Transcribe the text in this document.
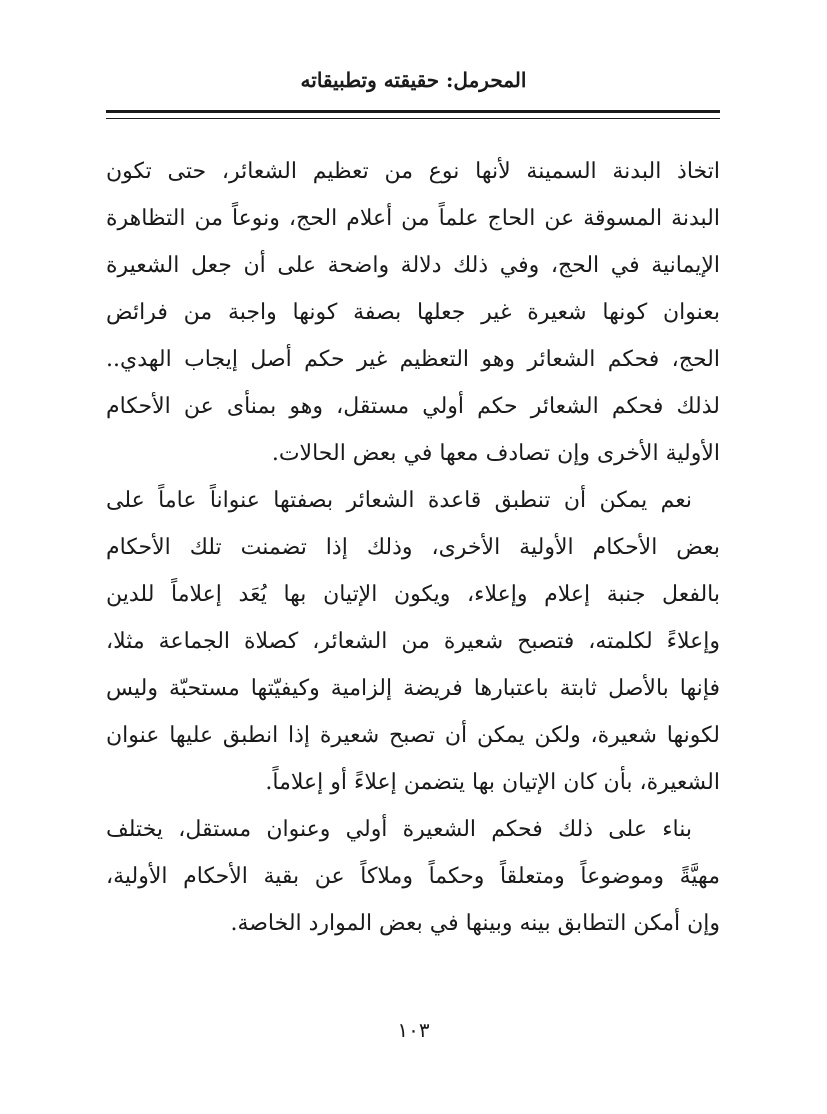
المحرمل: حقيقته وتطبيقاته
اتخاذ البدنة السمينة لأنها نوع من تعظيم الشعائر، حتى تكون
البدنة المسوقة عن الحاج علماً من أعلام الحج، ونوعاً من التظاهرة
الإيمانية في الحج، وفي ذلك دلالة واضحة على أن جعل الشعيرة
بعنوان كونها شعيرة غير جعلها بصفة كونها واجبة من فرائض
الحج، فحكم الشعائر وهو التعظيم غير حكم أصل إيجاب الهدي..
لذلك فحكم الشعائر حكم أولي مستقل، وهو بمنأى عن الأحكام
الأولية الأخرى وإن تصادف معها في بعض الحالات.
نعم يمكن أن تنطبق قاعدة الشعائر بصفتها عنواناً عاماً على
بعض الأحكام الأولية الأخرى، وذلك إذا تضمنت تلك الأحكام
بالفعل جنبة إعلام وإعلاء، ويكون الإتيان بها يُعَد إعلاماً للدين
وإعلاءً لكلمته، فتصبح شعيرة من الشعائر، كصلاة الجماعة مثلا،
فإنها بالأصل ثابتة باعتبارها فريضة إلزامية وكيفيّتها مستحبّة وليس
لكونها شعيرة، ولكن يمكن أن تصبح شعيرة إذا انطبق عليها عنوان
الشعيرة، بأن كان الإتيان بها يتضمن إعلاءً أو إعلاماً.
بناء على ذلك فحكم الشعيرة أولي وعنوان مستقل، يختلف
مهيَّةً وموضوعاً ومتعلقاً وحكماً وملاكاً عن بقية الأحكام الأولية،
وإن أمكن التطابق بينه وبينها في بعض الموارد الخاصة.
١٠٣
